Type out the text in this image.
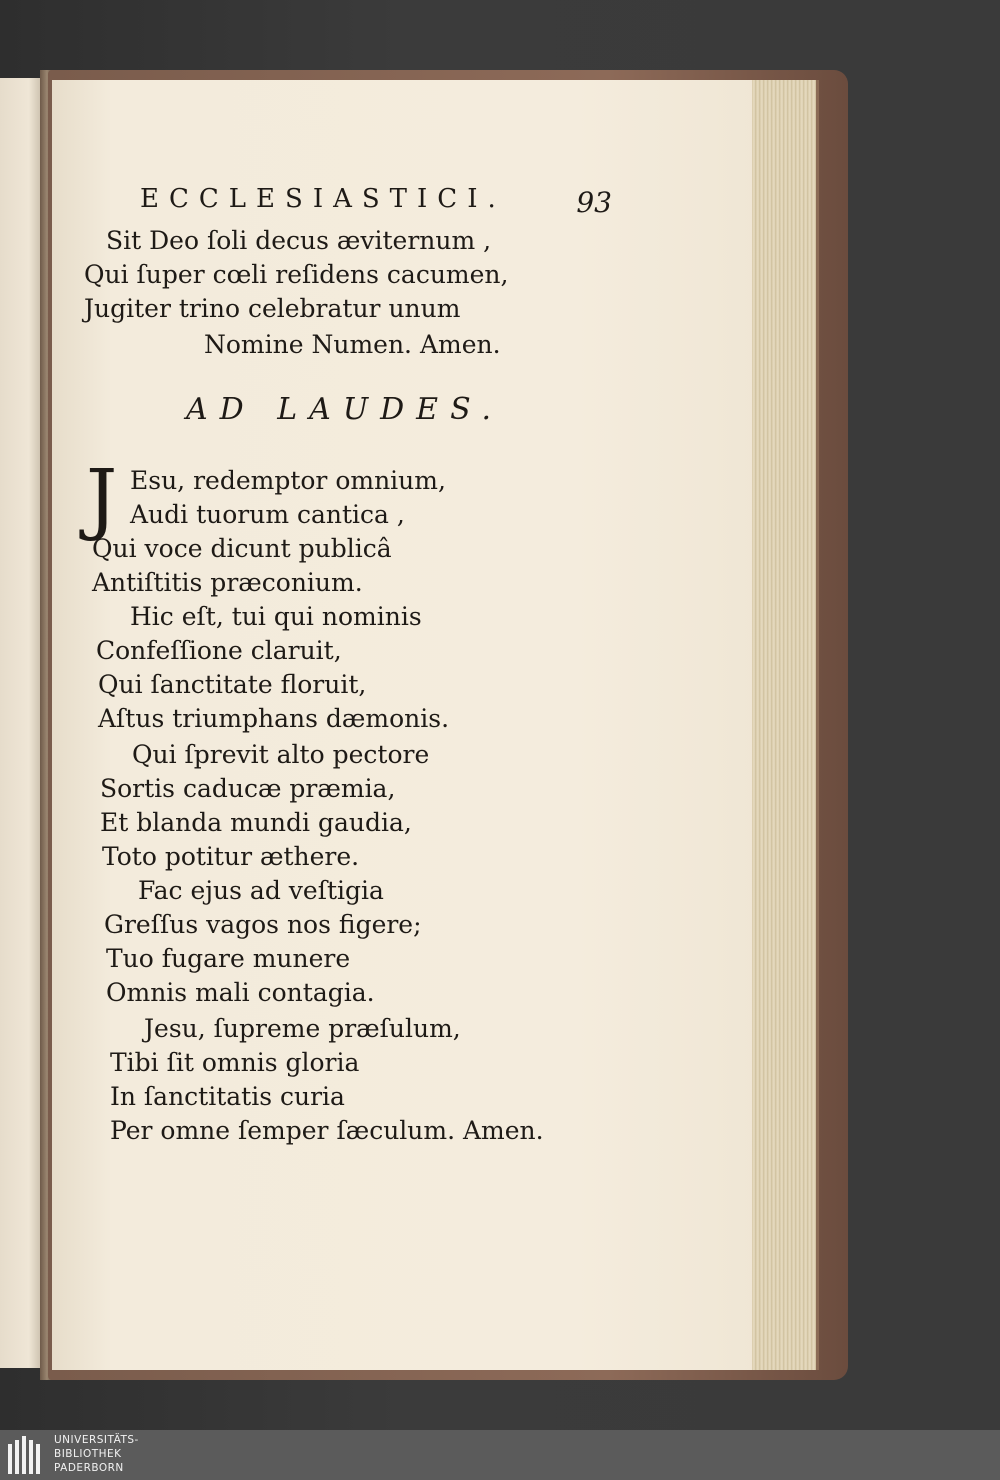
ECCLESIASTICI.	93
Sit Deo ſoli decus æviternum ,
Qui ſuper cœli reſidens cacumen,
Jugiter trino celebratur unum
Nomine Numen. Amen.
AD LAUDES.
J Esu, redemptor omnium,
Audi tuorum cantica ,
Qui voce dicunt publicâ
Antiſtitis præconium.
Hic eſt, tui qui nominis
Confeſſione claruit,
Qui ſanctitate floruit,
Aſtus triumphans dæmonis.
Qui ſprevit alto pectore
Sortis caducæ præmia,
Et blanda mundi gaudia,
Toto potitur æthere.
Fac ejus ad veſtigia
Greſſus vagos nos figere;
Tuo fugare munere
Omnis mali contagia.
Jesu, ſupreme præſulum,
Tibi ſit omnis gloria
In ſanctitatis curia
Per omne ſemper ſæculum. Amen.
UNIVERSITÄTS-
BIBLIOTHEK
PADERBORN
